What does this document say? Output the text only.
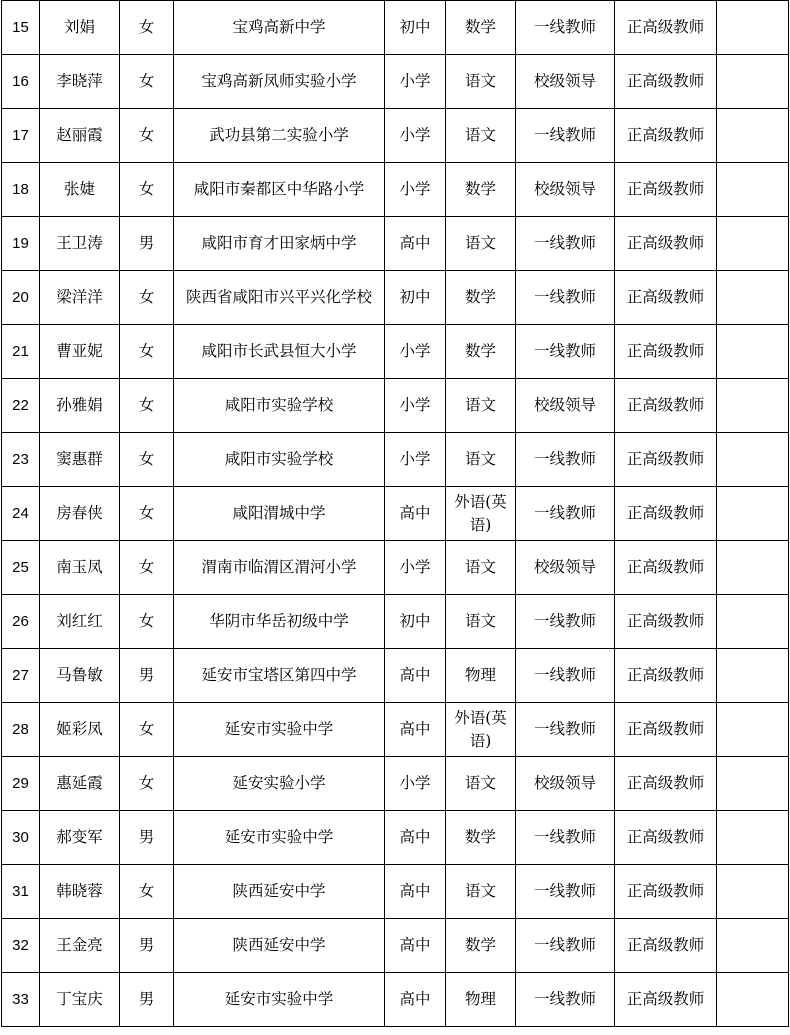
15	刘娟	女	宝鸡高新中学	初中	数学	一线教师	正高级教师	
16	李晓萍	女	宝鸡高新凤师实验小学	小学	语文	校级领导	正高级教师	
17	赵丽霞	女	武功县第二实验小学	小学	语文	一线教师	正高级教师	
18	张婕	女	咸阳市秦都区中华路小学	小学	数学	校级领导	正高级教师	
19	王卫涛	男	咸阳市育才田家炳中学	高中	语文	一线教师	正高级教师	
20	梁洋洋	女	陕西省咸阳市兴平兴化学校	初中	数学	一线教师	正高级教师	
21	曹亚妮	女	咸阳市长武县恒大小学	小学	数学	一线教师	正高级教师	
22	孙雅娟	女	咸阳市实验学校	小学	语文	校级领导	正高级教师	
23	窦惠群	女	咸阳市实验学校	小学	语文	一线教师	正高级教师	
24	房春侠	女	咸阳渭城中学	高中	外语(英语)	一线教师	正高级教师	
25	南玉凤	女	渭南市临渭区渭河小学	小学	语文	校级领导	正高级教师	
26	刘红红	女	华阴市华岳初级中学	初中	语文	一线教师	正高级教师	
27	马鲁敏	男	延安市宝塔区第四中学	高中	物理	一线教师	正高级教师	
28	姬彩凤	女	延安市实验中学	高中	外语(英语)	一线教师	正高级教师	
29	惠延霞	女	延安实验小学	小学	语文	校级领导	正高级教师	
30	郝变军	男	延安市实验中学	高中	数学	一线教师	正高级教师	
31	韩晓蓉	女	陕西延安中学	高中	语文	一线教师	正高级教师	
32	王金亮	男	陕西延安中学	高中	数学	一线教师	正高级教师	
33	丁宝庆	男	延安市实验中学	高中	物理	一线教师	正高级教师	
